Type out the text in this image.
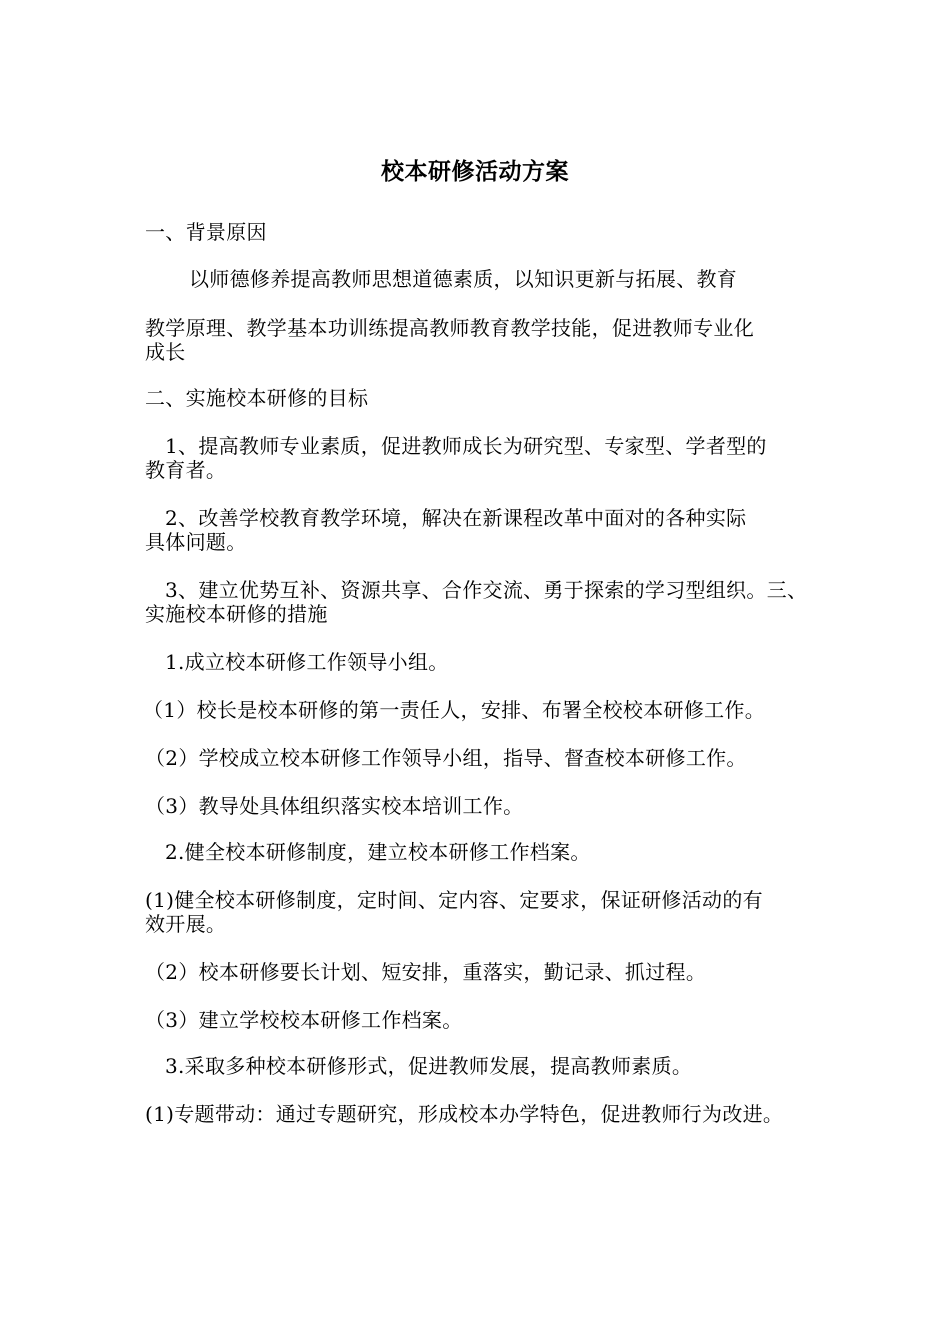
校本研修活动方案
一、背景原因
以师德修养提高教师思想道德素质，以知识更新与拓展、教育
教学原理、教学基本功训练提高教师教育教学技能，促进教师专业化
成长
二、实施校本研修的目标
1、提高教师专业素质，促进教师成长为研究型、专家型、学者型的
教育者。
2、改善学校教育教学环境，解决在新课程改革中面对的各种实际
具体问题。
3、建立优势互补、资源共享、合作交流、勇于探索的学习型组织。三、
实施校本研修的措施
1.成立校本研修工作领导小组。
（1）校长是校本研修的第一责任人，安排、布署全校校本研修工作。
（2）学校成立校本研修工作领导小组，指导、督查校本研修工作。
（3）教导处具体组织落实校本培训工作。
2.健全校本研修制度，建立校本研修工作档案。
(1)健全校本研修制度，定时间、定内容、定要求，保证研修活动的有
效开展。
（2）校本研修要长计划、短安排，重落实，勤记录、抓过程。
（3）建立学校校本研修工作档案。
3.采取多种校本研修形式，促进教师发展，提高教师素质。
(1)专题带动：通过专题研究，形成校本办学特色，促进教师行为改进。
